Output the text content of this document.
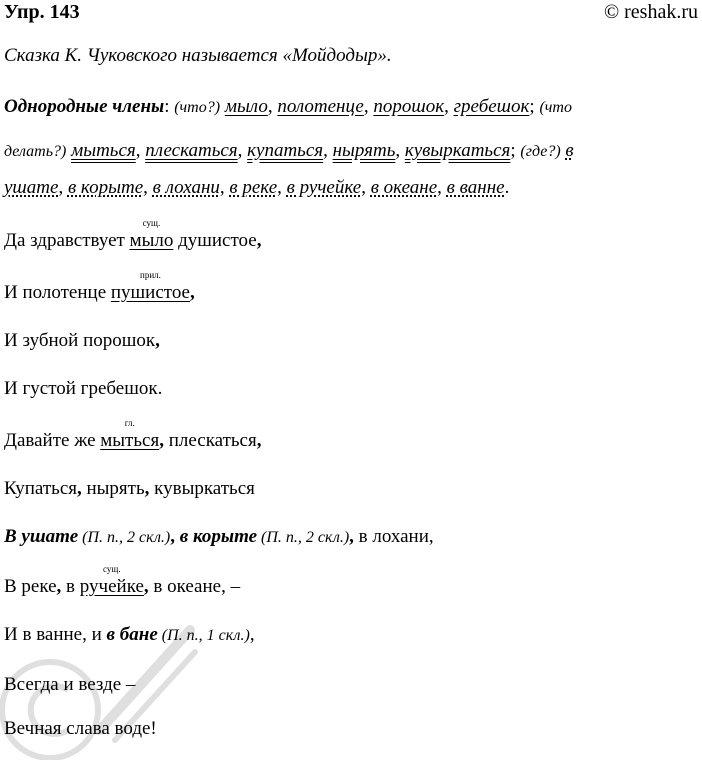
Упр. 143	© reshak.ru
Сказка К. Чуковского называется «Мойдодыр».
Однородные члены: (что?) мыло, полотенце, порошок, гребешок; (что
делать?) мыться, плескаться, купаться, нырять, кувыркаться; (где?) в
ушате, в корыте, в лохани, в реке, в ручейке, в океане, в ванне.
Да здравствует
сущ.
мыло душистое,
И полотенце
прил.
пушистое,
И зубной порошок,
И густой гребешок.
Давайте же
гл.
мыться, плескаться,
Купаться, нырять, кувыркаться
В ушате (П. п., 2 скл.), в корыте (П. п., 2 скл.), в лохани,
В реке, в
сущ.
ручейке, в океане, –
И в ванне, и в бане (П. п., 1 скл.),
Всегда и везде –
Вечная слава воде!
